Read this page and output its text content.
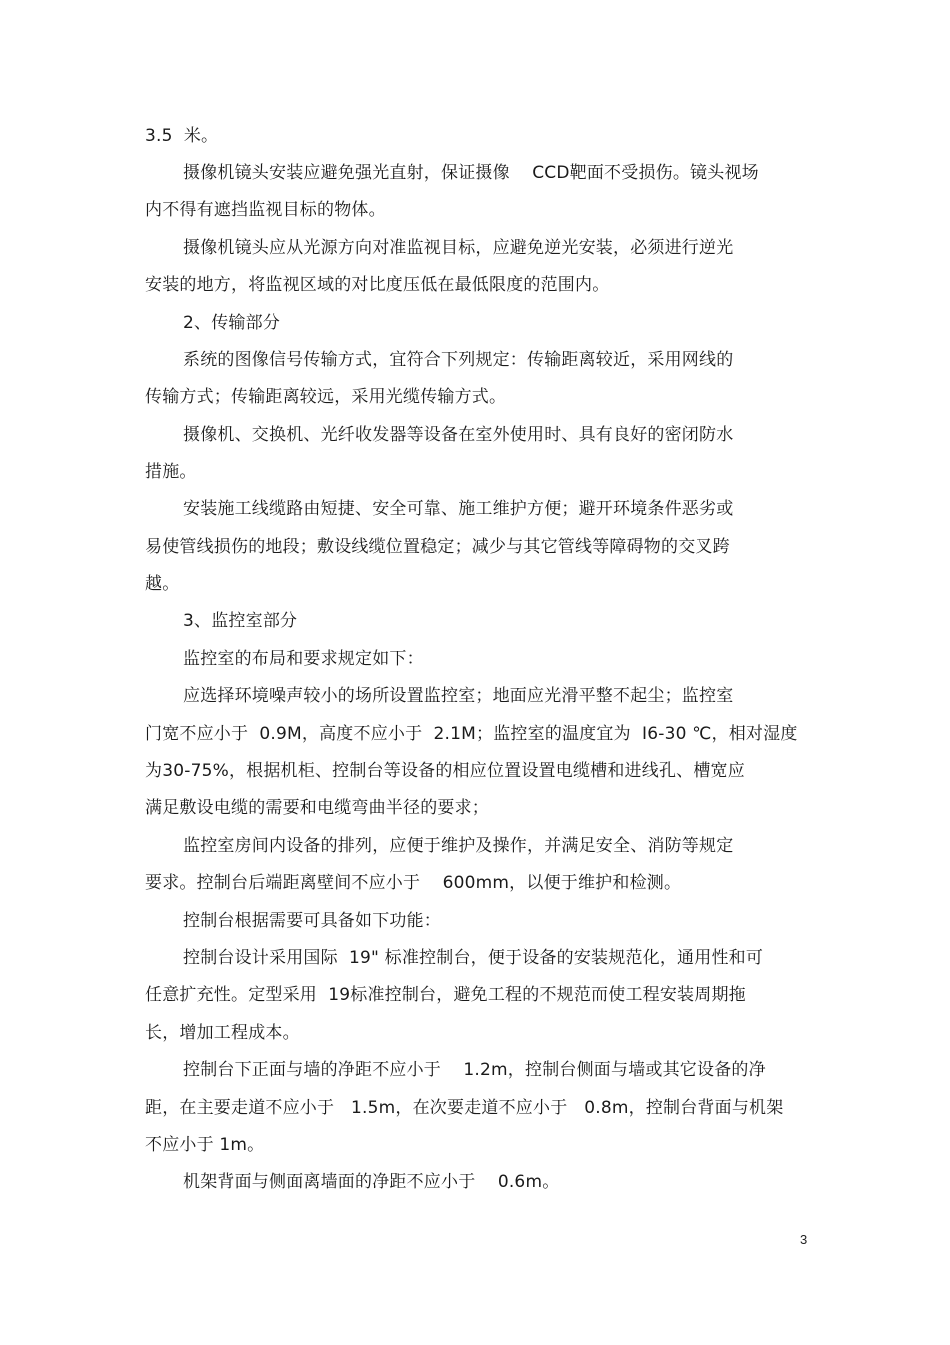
3.5  米。
摄像机镜头安装应避免强光直射，保证摄像    CCD靶面不受损伤。镜头视场
内不得有遮挡监视目标的物体。
摄像机镜头应从光源方向对准监视目标，应避免逆光安装，必须进行逆光
安装的地方，将监视区域的对比度压低在最低限度的范围内。
2、传输部分
系统的图像信号传输方式，宜符合下列规定：传输距离较近，采用网线的
传输方式；传输距离较远，采用光缆传输方式。
摄像机、交换机、光纤收发器等设备在室外使用时、具有良好的密闭防水
措施。
安装施工线缆路由短捷、安全可靠、施工维护方便；避开环境条件恶劣或
易使管线损伤的地段；敷设线缆位置稳定；减少与其它管线等障碍物的交叉跨
越。
3、监控室部分
监控室的布局和要求规定如下：
应选择环境噪声较小的场所设置监控室；地面应光滑平整不起尘；监控室
门宽不应小于  0.9M，高度不应小于  2.1M；监控室的温度宜为  I6-30 ℃，相对湿度
为30-75%，根据机柜、控制台等设备的相应位置设置电缆槽和进线孔、槽宽应
满足敷设电缆的需要和电缆弯曲半径的要求；
监控室房间内设备的排列，应便于维护及操作，并满足安全、消防等规定
要求。控制台后端距离壁间不应小于    600mm，以便于维护和检测。
控制台根据需要可具备如下功能：
控制台设计采用国际  19" 标准控制台，便于设备的安装规范化，通用性和可
任意扩充性。定型采用  19标准控制台，避免工程的不规范而使工程安装周期拖
长，增加工程成本。
控制台下正面与墙的净距不应小于    1.2m，控制台侧面与墙或其它设备的净
距，在主要走道不应小于   1.5m，在次要走道不应小于   0.8m，控制台背面与机架
不应小于 1m。
机架背面与侧面离墙面的净距不应小于    0.6m。
3
